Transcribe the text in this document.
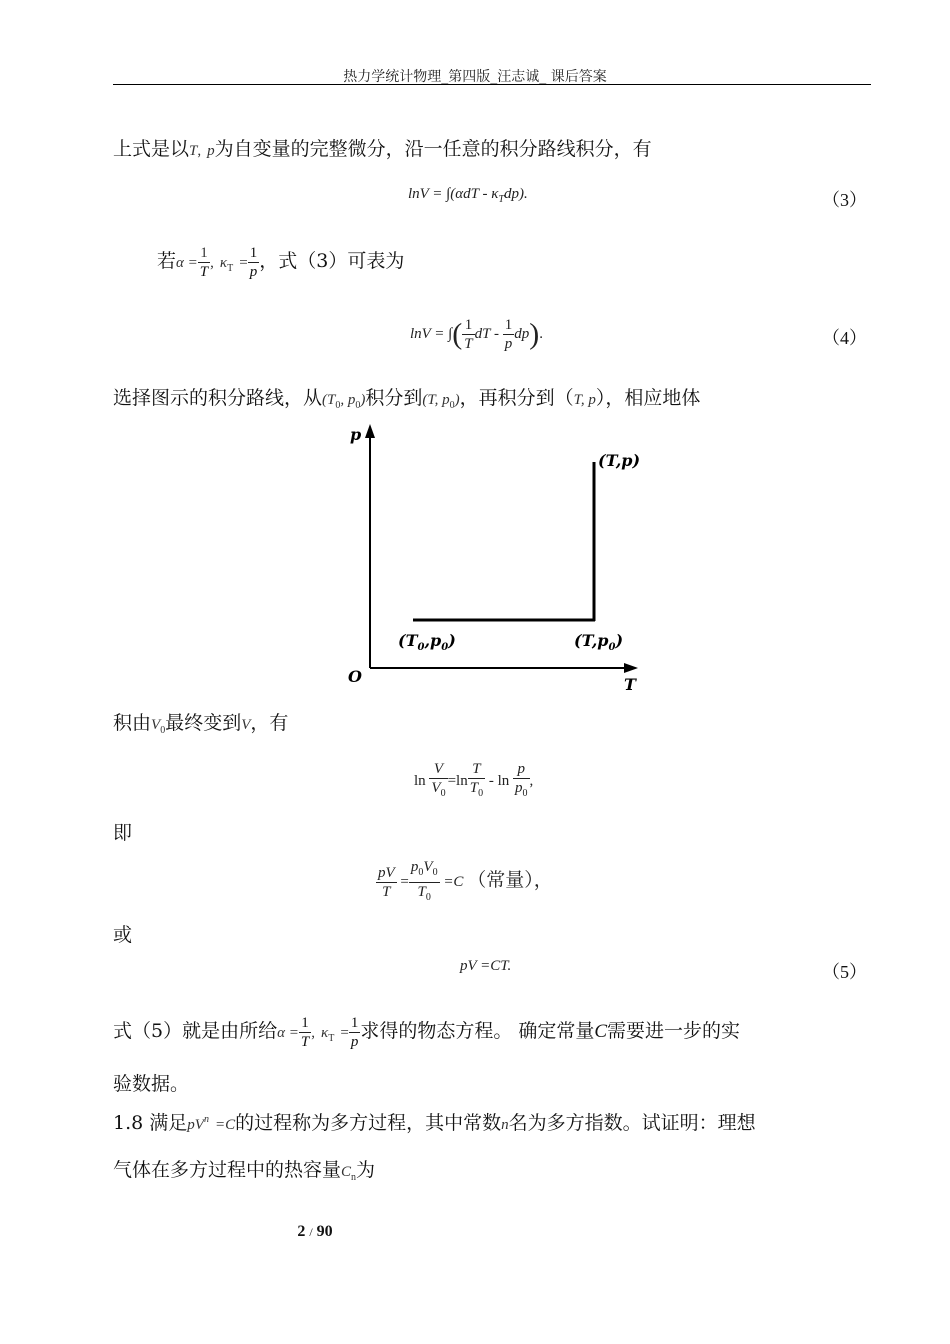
热力学统计物理_第四版_汪志诚_ 课后答案
上式是以T, p为自变量的完整微分，沿一任意的积分路线积分，有
$\ln V = \int(\alpha dT - \kappa_Tdp)$.	（3）
若$\alpha = \frac{1}{T}$ , $\kappa_T = \frac{1}{p}$ ，式（3）可表为
lnV = ∫( $\frac{1}{T}$ dT - $\frac{1}{p} dp$).	（4）
选择图示的积分路线，从($T_0$, $p_0$)积分到(T, $p_0$)，再积分到（T, p），相应地体
p
T
O
(T,p)
$(T_0,p_0)$	$(T,p_0)$
积由$V_0$最终变到V，有
$\ln \frac{V}{V_0} =\ln \frac{T}{T_0} - \ln \frac{p}{p_0}$ ,
即
$\frac{pV}{T} = \frac{p_0V_0}{T_0} =C$ （常量），
或
pV =CT.	（5）
式（5）就是由所给$\alpha = \frac{1}{T}$ , $\kappa_T = \frac{1}{p}$ 求得的物态方程。 确定常量C需要进一步的实
验数据。
1.8 满足$pV^n =C$的过程称为多方过程，其中常数n名为多方指数。试证明：理想
气体在多方过程中的热容量$C_n$为
2 / 90
